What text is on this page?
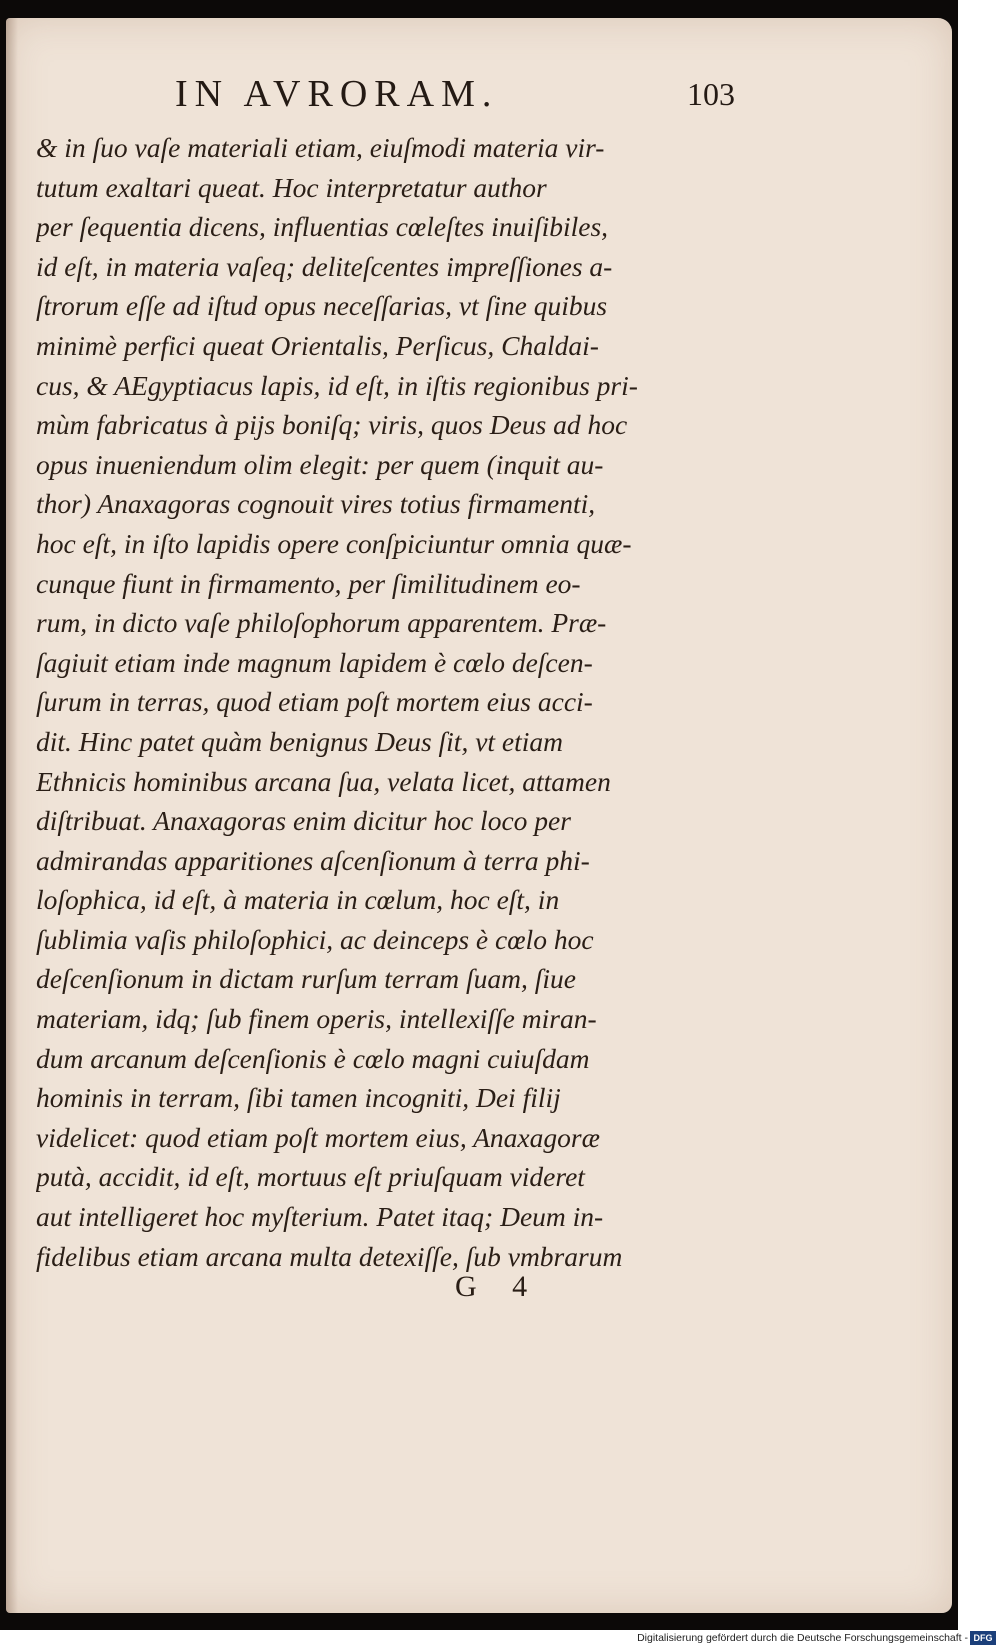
IN AVRORAM.	103
& in ſuo vaſe materiali etiam, eiuſmodi materia vir-
tutum exaltari queat. Hoc interpretatur author
per ſequentia dicens, influentias cœleſtes inuiſibiles,
id eſt, in materia vaſeq; deliteſcentes impreſſiones a-
ſtrorum eſſe ad iſtud opus neceſſarias, vt ſine quibus
minimè perfici queat Orientalis, Perſicus, Chaldai-
cus, & AEgyptiacus lapis, id eſt, in iſtis regionibus pri-
mùm fabricatus à pijs boniſq; viris, quos Deus ad hoc
opus inueniendum olim elegit: per quem (inquit au-
thor) Anaxagoras cognouit vires totius firmamenti,
hoc eſt, in iſto lapidis opere conſpiciuntur omnia quæ-
cunque fiunt in firmamento, per ſimilitudinem eo-
rum, in dicto vaſe philoſophorum apparentem. Præ-
ſagiuit etiam inde magnum lapidem è cœlo deſcen-
ſurum in terras, quod etiam poſt mortem eius acci-
dit. Hinc patet quàm benignus Deus ſit, vt etiam
Ethnicis hominibus arcana ſua, velata licet, attamen
diſtribuat. Anaxagoras enim dicitur hoc loco per
admirandas apparitiones aſcenſionum à terra phi-
loſophica, id eſt, à materia in cœlum, hoc eſt, in
ſublimia vaſis philoſophici, ac deinceps è cœlo hoc
deſcenſionum in dictam rurſum terram ſuam, ſiue
materiam, idq; ſub finem operis, intellexiſſe miran-
dum arcanum deſcenſionis è cœlo magni cuiuſdam
hominis in terram, ſibi tamen incogniti, Dei filij
videlicet: quod etiam poſt mortem eius, Anaxagoræ
putà, accidit, id eſt, mortuus eſt priuſquam videret
aut intelligeret hoc myſterium. Patet itaq; Deum in-
fidelibus etiam arcana multa detexiſſe, ſub vmbrarum
G 4
Digitalisierung gefördert durch die Deutsche Forschungsgemeinschaft - DFG
